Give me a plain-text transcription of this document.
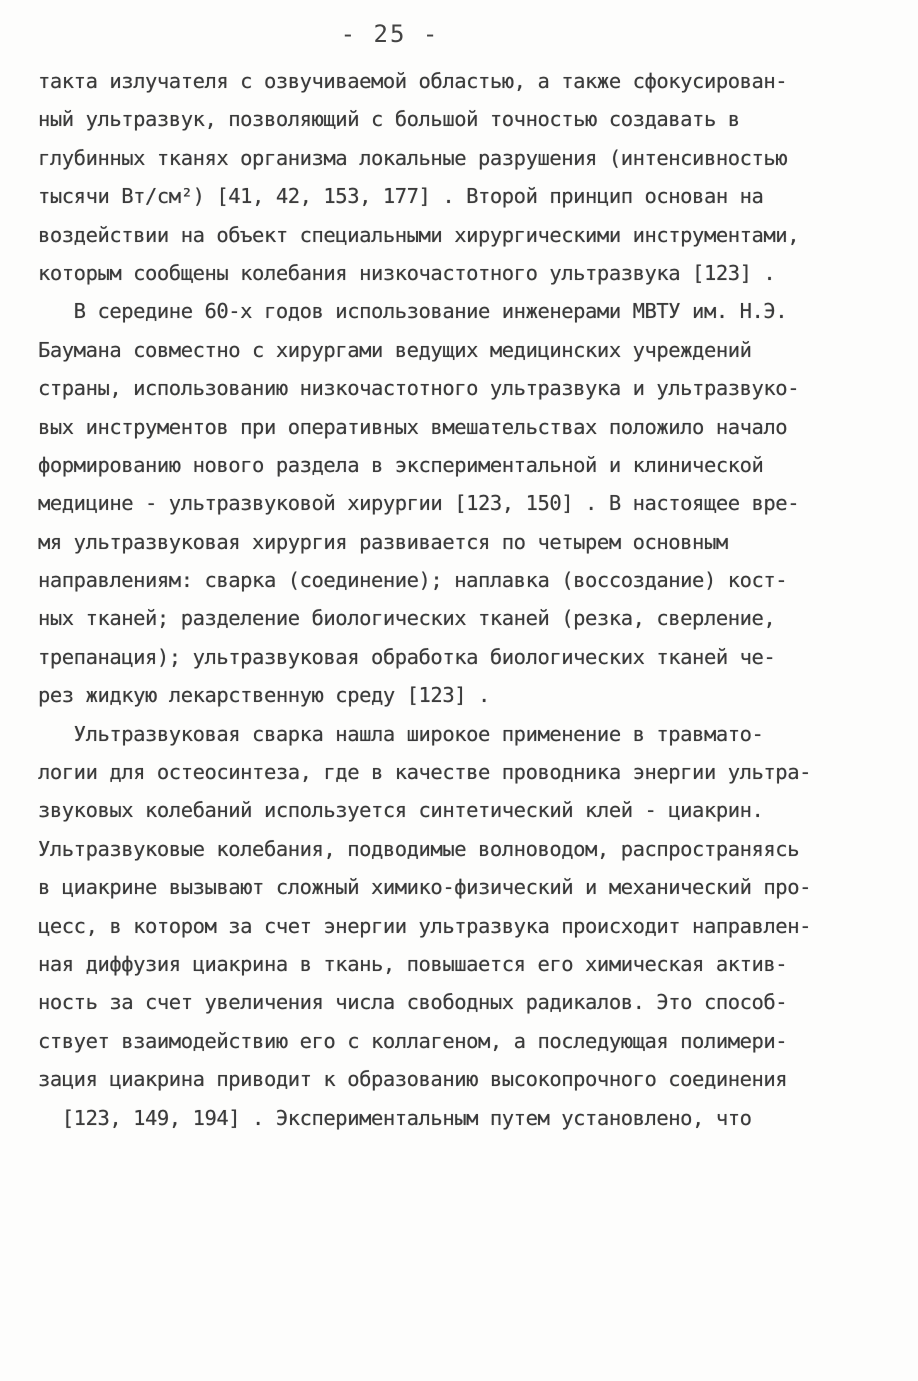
- 25 -
такта излучателя с озвучиваемой областью, а также сфокусирован-
ный ультразвук, позволяющий с большой точностью создавать в
глубинных тканях организма локальные разрушения (интенсивностью
тысячи Вт/см²) [41, 42, 153, 177] . Второй принцип основан на
воздействии на объект специальными хирургическими инструментами,
которым сообщены колебания низкочастотного ультразвука [123] .
В середине 60-х годов использование инженерами МВТУ им. Н.Э.
Баумана совместно с хирургами ведущих медицинских учреждений
страны, использованию низкочастотного ультразвука и ультразвуко-
вых инструментов при оперативных вмешательствах положило начало
формированию нового раздела в экспериментальной и клинической
медицине - ультразвуковой хирургии [123, 150] . В настоящее вре-
мя ультразвуковая хирургия развивается по четырем основным
направлениям: сварка (соединение); наплавка (воссоздание) кост-
ных тканей; разделение биологических тканей (резка, сверление,
трепанация); ультразвуковая обработка биологических тканей че-
рез жидкую лекарственную среду [123] .
Ультразвуковая сварка нашла широкое применение в травмато-
логии для остеосинтеза, где в качестве проводника энергии ультра-
звуковых колебаний используется синтетический клей - циакрин.
Ультразвуковые колебания, подводимые волноводом, распространяясь
в циакрине вызывают сложный химико-физический и механический про-
цесс, в котором за счет энергии ультразвука происходит направлен-
ная диффузия циакрина в ткань, повышается его химическая актив-
ность за счет увеличения числа свободных радикалов. Это способ-
ствует взаимодействию его с коллагеном, а последующая полимери-
зация циакрина приводит к образованию высокопрочного соединения
[123, 149, 194] . Экспериментальным путем установлено, что
